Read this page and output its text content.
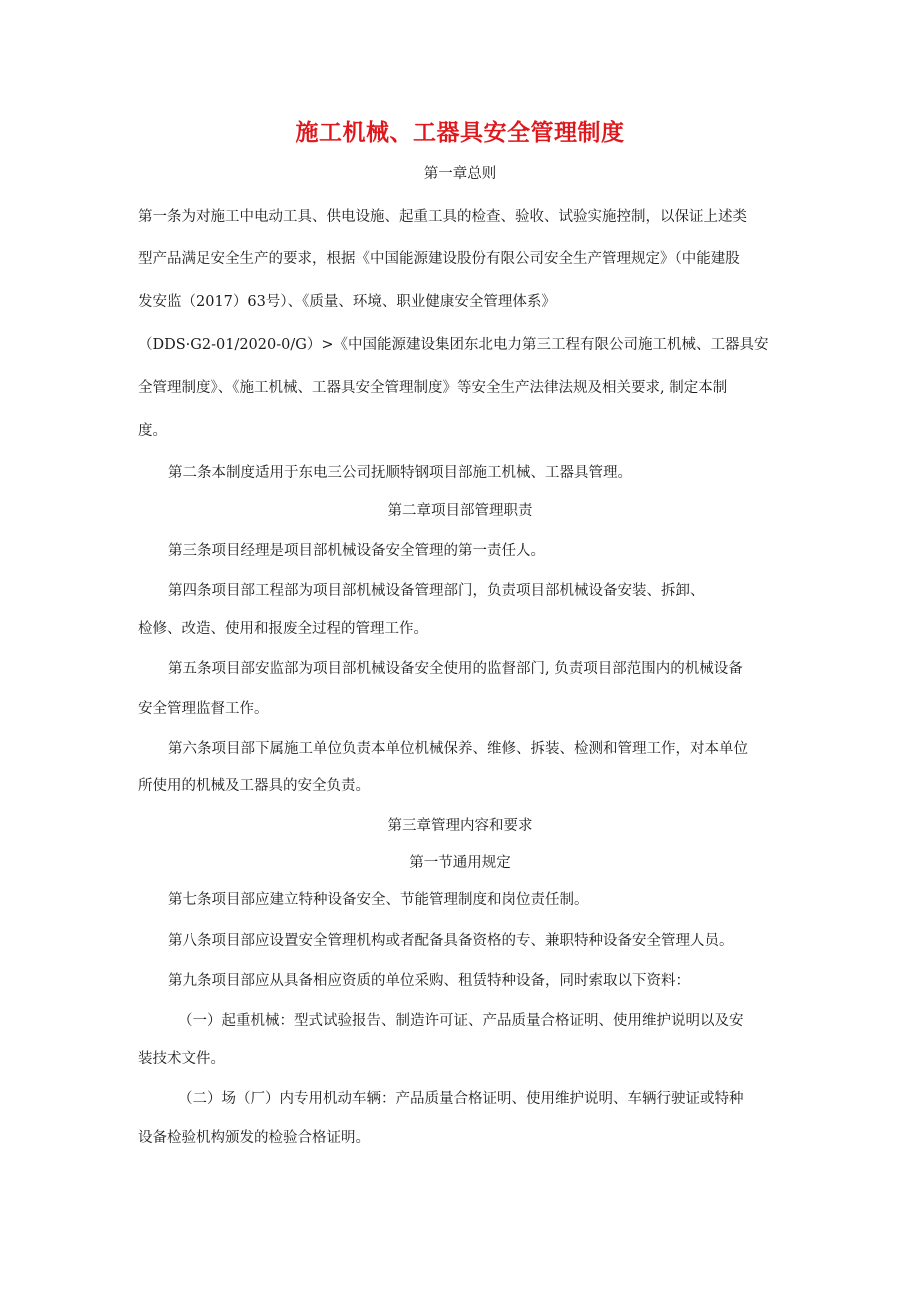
施工机械、工器具安全管理制度
第一章总则
第一条为对施工中电动工具、供电设施、起重工具的检查、验收、试验实施控制，以保证上述类
型产品满足安全生产的要求，根据《中国能源建设股份有限公司安全生产管理规定》（中能建股
发安监（2017）63号）、《质量、环境、职业健康安全管理体系》
（DDS·G2-01/2020-0/G）>《中国能源建设集团东北电力第三工程有限公司施工机械、工器具安
全管理制度》、《施工机械、工器具安全管理制度》等安全生产法律法规及相关要求, 制定本制
度。
第二条本制度适用于东电三公司抚顺特钢项目部施工机械、工器具管理。
第二章项目部管理职责
第三条项目经理是项目部机械设备安全管理的第一责任人。
第四条项目部工程部为项目部机械设备管理部门，负责项目部机械设备安装、拆卸、
检修、改造、使用和报废全过程的管理工作。
第五条项目部安监部为项目部机械设备安全使用的监督部门, 负责项目部范围内的机械设备
安全管理监督工作。
第六条项目部下属施工单位负责本单位机械保养、维修、拆装、检测和管理工作，对本单位
所使用的机械及工器具的安全负责。
第三章管理内容和要求
第一节通用规定
第七条项目部应建立特种设备安全、节能管理制度和岗位责任制。
第八条项目部应设置安全管理机构或者配备具备资格的专、兼职特种设备安全管理人员。
第九条项目部应从具备相应资质的单位采购、租赁特种设备，同时索取以下资料：
（一）起重机械：型式试验报告、制造许可证、产品质量合格证明、使用维护说明以及安
装技术文件。
（二）场（厂）内专用机动车辆：产品质量合格证明、使用维护说明、车辆行驶证或特种
设备检验机构颁发的检验合格证明。
